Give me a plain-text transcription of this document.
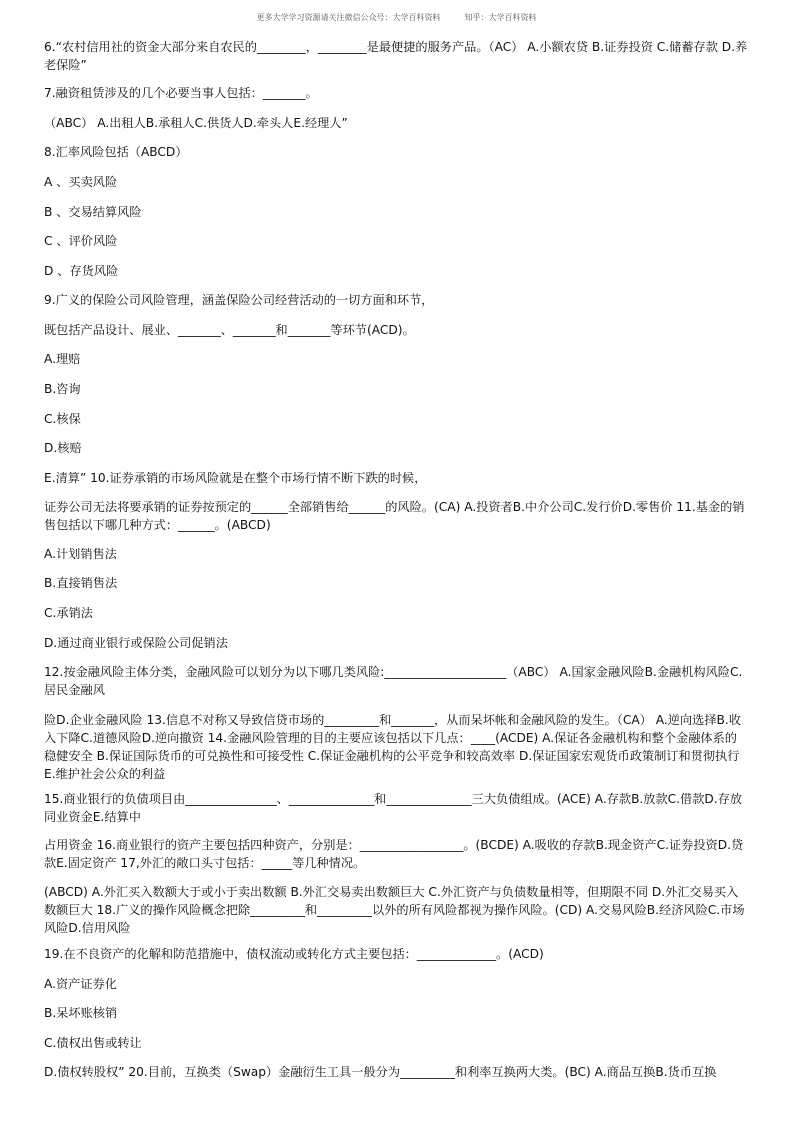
更多大学学习资源请关注微信公众号：大学百科资料　　　知乎：大学百科资料

6.“农村信用社的资金大部分来自农民的________，________是最便捷的服务产品。（AC） A.小额农贷 B.证券投资 C.储蓄存款 D.养老保险”

7.融资租赁涉及的几个必要当事人包括：_______。

（ABC） A.出租人B.承租人C.供货人D.牵头人E.经理人”

8.汇率风险包括（ABCD）

A 、买卖风险

B 、交易结算风险

C 、评价风险

D 、存货风险

9.广义的保险公司风险管理，涵盖保险公司经营活动的一切方面和环节，

既包括产品设计、展业、_______、_______和_______等环节(ACD)。

A.理赔

B.咨询

C.核保

D.核赔

E.清算” 10.证券承销的市场风险就是在整个市场行情不断下跌的时候，

证券公司无法将要承销的证券按预定的______全部销售给______的风险。(CA) A.投资者B.中介公司C.发行价D.零售价 11.基金的销售包括以下哪几种方式：______。(ABCD)

A.计划销售法

B.直接销售法

C.承销法

D.通过商业银行或保险公司促销法

12.按金融风险主体分类，金融风险可以划分为以下哪几类风险:____________________（ABC） A.国家金融风险B.金融机构风险C.居民金融风

险D.企业金融风险 13.信息不对称又导致信贷市场的_________和_______，从而呆坏帐和金融风险的发生。（CA） A.逆向选择B.收入下降C.道德风险D.逆向撤资 14.金融风险管理的目的主要应该包括以下几点：____(ACDE) A.保证各金融机构和整个金融体系的稳健安全 B.保证国际货币的可兑换性和可接受性 C.保证金融机构的公平竞争和较高效率 D.保证国家宏观货币政策制订和贯彻执行 E.维护社会公众的利益

15.商业银行的负债项目由_______________、______________和______________三大负债组成。(ACE) A.存款B.放款C.借款D.存放同业资金E.结算中

占用资金 16.商业银行的资产主要包括四种资产，分别是：_________________。(BCDE) A.吸收的存款B.现金资产C.证券投资D.贷款E.固定资产 17,外汇的敞口头寸包括：_____等几种情况。

(ABCD) A.外汇买入数额大于或小于卖出数额 B.外汇交易卖出数额巨大 C.外汇资产与负债数量相等，但期限不同 D.外汇交易买入数额巨大 18.广义的操作风险概念把除_________和_________以外的所有风险都视为操作风险。(CD) A.交易风险B.经济风险C.市场风险D.信用风险

19.在不良资产的化解和防范措施中，债权流动或转化方式主要包括：_____________。(ACD)

A.资产证券化

B.呆坏账核销

C.债权出售或转让

D.债权转股权” 20.目前，互换类（Swap）金融衍生工具一般分为_________和利率互换两大类。(BC) A.商品互换B.货币互换
